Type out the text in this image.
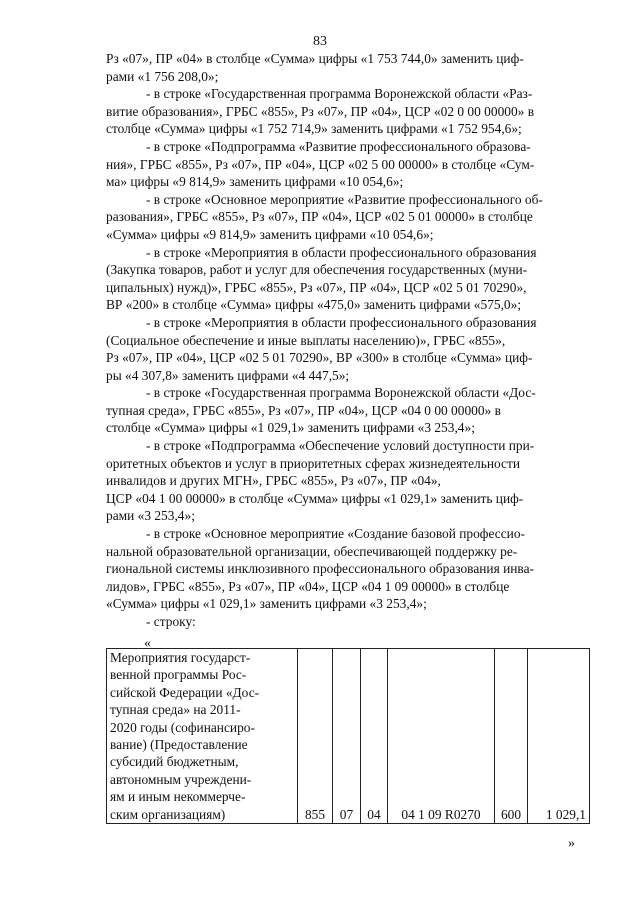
83

Рз «07», ПР «04» в столбце «Сумма» цифры «1 753 744,0» заменить циф-
рами «1 756 208,0»;

- в строке «Государственная программа Воронежской области «Раз-
витие образования», ГРБС «855», Рз «07», ПР «04», ЦСР «02 0 00 00000» в
столбце «Сумма» цифры «1 752 714,9» заменить цифрами «1 752 954,6»;

- в строке «Подпрограмма «Развитие профессионального образова-
ния», ГРБС «855», Рз «07», ПР «04», ЦСР «02 5 00 00000» в столбце «Сум-
ма» цифры «9 814,9» заменить цифрами «10 054,6»;

- в строке «Основное мероприятие «Развитие профессионального об-
разования», ГРБС «855», Рз «07», ПР «04», ЦСР «02 5 01 00000» в столбце
«Сумма» цифры «9 814,9» заменить цифрами «10 054,6»;

- в строке «Мероприятия в области профессионального образования
(Закупка товаров, работ и услуг для обеспечения государственных (муни-
ципальных) нужд)», ГРБС «855», Рз «07», ПР «04», ЦСР «02 5 01 70290»,
ВР «200» в столбце «Сумма» цифры «475,0» заменить цифрами «575,0»;

- в строке «Мероприятия в области профессионального образования
(Социальное обеспечение и иные выплаты населению)», ГРБС «855»,
Рз «07», ПР «04», ЦСР «02 5 01 70290», ВР «300» в столбце «Сумма» циф-
ры «4 307,8» заменить цифрами «4 447,5»;

- в строке «Государственная программа Воронежской области «Дос-
тупная среда», ГРБС «855», Рз «07», ПР «04», ЦСР «04 0 00 00000» в
столбце «Сумма» цифры «1 029,1» заменить цифрами «3 253,4»;

- в строке «Подпрограмма «Обеспечение условий доступности при-
оритетных объектов и услуг в приоритетных сферах жизнедеятельности
инвалидов и других МГН», ГРБС «855», Рз «07», ПР «04»,
ЦСР «04 1 00 00000» в столбце «Сумма» цифры «1 029,1» заменить циф-
рами «3 253,4»;

- в строке «Основное мероприятие «Создание базовой профессио-
нальной образовательной организации, обеспечивающей поддержку ре-
гиональной системы инклюзивного профессионального образования инва-
лидов», ГРБС «855», Рз «07», ПР «04», ЦСР «04 1 09 00000» в столбце
«Сумма» цифры «1 029,1» заменить цифрами «3 253,4»;

- строку:

«
Мероприятия государст-
венной программы Рос-
сийской Федерации «Дос-
тупная среда» на 2011-
2020 годы (софинансиро-
вание) (Предоставление
субсидий бюджетным,
автономным учреждени-
ям и иным некоммерче-
ским организациям)	855	07	04	04 1 09 R0270	600	1 029,1
»
